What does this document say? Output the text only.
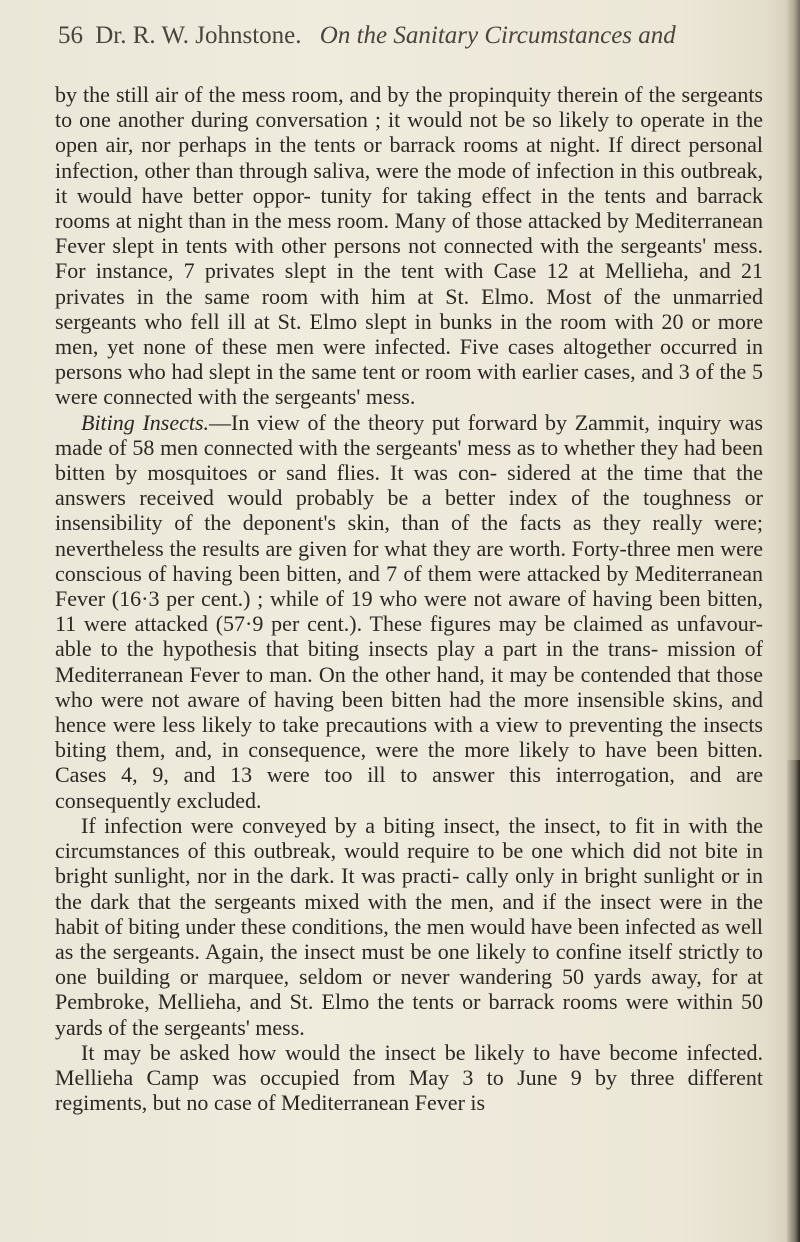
56 Dr. R. W. Johnstone. On the Sanitary Circumstances and

by the still air of the mess room, and by the propinquity therein of the sergeants to one another during conversation ; it would not be so likely to operate in the open air, nor perhaps in the tents or barrack rooms at night. If direct personal infection, other than through saliva, were the mode of infection in this outbreak, it would have better oppor- tunity for taking effect in the tents and barrack rooms at night than in the mess room. Many of those attacked by Mediterranean Fever slept in tents with other persons not connected with the sergeants' mess. For instance, 7 privates slept in the tent with Case 12 at Mellieha, and 21 privates in the same room with him at St. Elmo. Most of the unmarried sergeants who fell ill at St. Elmo slept in bunks in the room with 20 or more men, yet none of these men were infected. Five cases altogether occurred in persons who had slept in the same tent or room with earlier cases, and 3 of the 5 were connected with the sergeants' mess.

Biting Insects.—In view of the theory put forward by Zammit, inquiry was made of 58 men connected with the sergeants' mess as to whether they had been bitten by mosquitoes or sand flies. It was con- sidered at the time that the answers received would probably be a better index of the toughness or insensibility of the deponent's skin, than of the facts as they really were; nevertheless the results are given for what they are worth. Forty-three men were conscious of having been bitten, and 7 of them were attacked by Mediterranean Fever (16·3 per cent.) ; while of 19 who were not aware of having been bitten, 11 were attacked (57·9 per cent.). These figures may be claimed as unfavour- able to the hypothesis that biting insects play a part in the trans- mission of Mediterranean Fever to man. On the other hand, it may be contended that those who were not aware of having been bitten had the more insensible skins, and hence were less likely to take precautions with a view to preventing the insects biting them, and, in consequence, were the more likely to have been bitten. Cases 4, 9, and 13 were too ill to answer this interrogation, and are consequently excluded.

If infection were conveyed by a biting insect, the insect, to fit in with the circumstances of this outbreak, would require to be one which did not bite in bright sunlight, nor in the dark. It was practi- cally only in bright sunlight or in the dark that the sergeants mixed with the men, and if the insect were in the habit of biting under these conditions, the men would have been infected as well as the sergeants. Again, the insect must be one likely to confine itself strictly to one building or marquee, seldom or never wandering 50 yards away, for at Pembroke, Mellieha, and St. Elmo the tents or barrack rooms were within 50 yards of the sergeants' mess.

It may be asked how would the insect be likely to have become infected. Mellieha Camp was occupied from May 3 to June 9 by three different regiments, but no case of Mediterranean Fever is
